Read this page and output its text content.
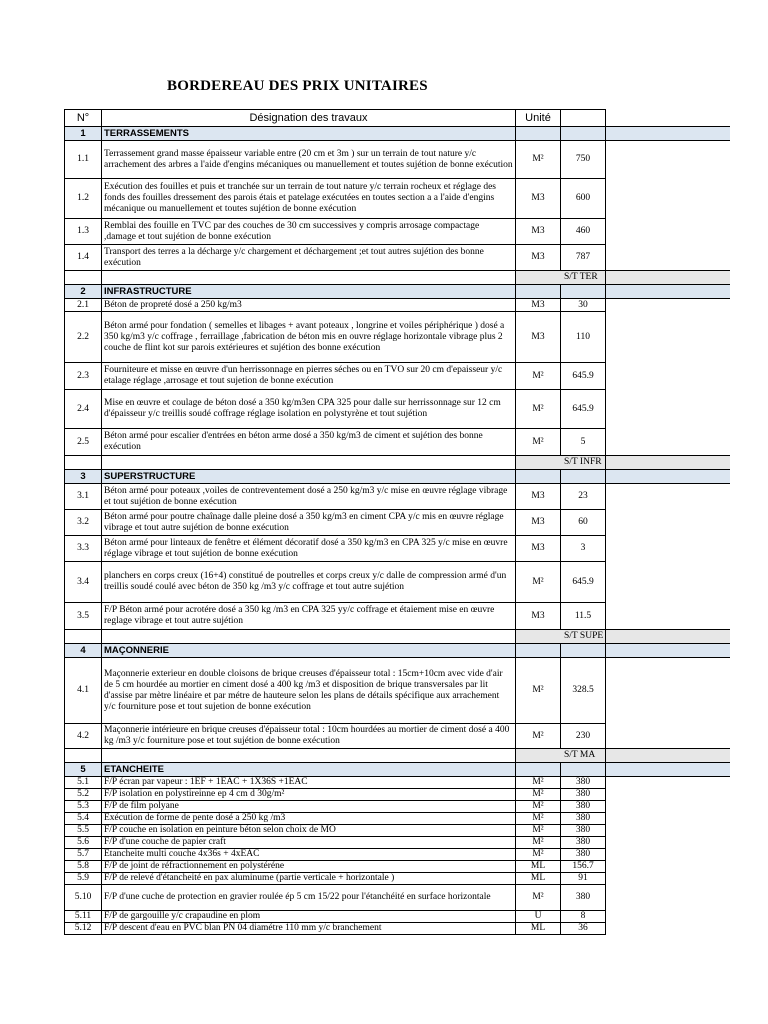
BORDEREAU DES PRIX UNITAIRES
N°	Désignation des travaux	Unité		
1	TERRASSEMENTS			
1.1	Terrassement grand masse épaisseur variable entre (20 cm et 3m ) sur un terrain de tout nature y/c arrachement des arbres a l'aide d'engins mécaniques ou manuellement et toutes sujétion de bonne exécution	M²	750	
1.2	Exécution des fouilles et puis et tranchée sur un terrain de tout nature y/c terrain rocheux et réglage des fonds des fouilles dressement des parois étais et patelage exécutées en toutes section a a l'aide d'engins mécanique ou manuellement et toutes sujétion de bonne exécution	M3	600	
1.3	Remblai des fouille en TVC par des couches de 30 cm successives y compris arrosage compactage ,damage et tout sujétion de bonne exécution	M3	460	
1.4	Transport des terres a la décharge y/c chargement et déchargement ;et tout autres sujétion des bonne exécution	M3	787	

		S/T TER		

2	INFRASTRUCTURE			
2.1	Béton de propreté dosé a 250 kg/m3	M3	30	
2.2	Béton armé pour fondation ( semelles et libages + avant poteaux , longrine et voiles périphérique ) dosé a 350 kg/m3 y/c coffrage , ferraillage ,fabrication de béton mis en ouvre réglage horizontale vibrage plus 2 couche de flint kot sur parois extérieures et sujétion des bonne exécution	M3	110	
2.3	Fourniteure et misse en œuvre d'un herrissonnage en pierres séches ou en TVO sur 20 cm d'epaisseur y/c etalage réglage ,arrosage et tout sujetion de bonne exécution	M²	645.9	
2.4	Mise en œuvre et coulage de béton dosé a 350 kg/m3en CPA 325 pour dalle sur herrissonnage sur 12 cm d'épaisseur y/c treillis soudé coffrage réglage isolation en polystyrène et tout sujétion	M²	645.9	
2.5	Béton armé pour escalier d'entrées en béton arme dosé a 350 kg/m3 de ciment et sujétion des bonne exécution	M²	5	

		S/T INFR		

3	SUPERSTRUCTURE			
3.1	Béton armé pour poteaux ,voiles de contreventement dosé a 250 kg/m3 y/c mise en œuvre réglage vibrage et tout sujétion de bonne exécution	M3	23	
3.2	Béton armé pour poutre chaînage dalle pleine dosé a 350 kg/m3 en ciment CPA y/c mis en œuvre réglage vibrage et tout autre sujétion de bonne exécution	M3	60	
3.3	Béton armé pour linteaux de fenêtre et élément décoratif dosé a 350 kg/m3 en CPA 325 y/c mise en œuvre réglage vibrage et tout sujétion de bonne exécution	M3	3	
3.4	planchers en corps creux (16+4) constitué de poutrelles et corps creux y/c dalle de compression armé d'un treillis soudé coulé avec béton de 350 kg /m3 y/c coffrage et tout autre sujétion	M²	645.9	
3.5	F/P Béton armé pour acrotére dosé a 350 kg /m3 en CPA 325 yy/c coffrage et étaiement mise en œuvre reglage vibrage et tout autre sujétion	M3	11.5	

		S/T SUPE		

4	MAÇONNERIE			
4.1	Maçonnerie exterieur en double cloisons de brique creuses d'épaisseur total : 15cm+10cm avec vide d'air de 5 cm hourdée au mortier en ciment dosé a 400 kg /m3 et disposition de brique transversales par lit d'assise par mètre linéaire et par métre de hauteure selon les plans de détails spécifique aux arrachement y/c fourniture pose et tout sujetion de bonne exécution	M²	328.5	
4.2	Maçonnerie intérieure en brique creuses d'épaisseur total : 10cm hourdées au mortier de ciment dosé a 400 kg /m3 y/c fourniture pose et tout sujétion de bonne exécution	M²	230	

		S/T MA		

5	ETANCHEITE			
5.1	F/P écran par vapeur : 1EF + 1EAC + 1X36S +1EAC	M²	380	
5.2	F/P isolation en polystireinne ep 4 cm d 30g/m²	M²	380	
5.3	F/P de film polyane	M²	380	
5.4	Exécution de forme de pente dosé a 250 kg /m3	M²	380	
5.5	F/P couche en isolation en peinture béton selon choix de MO	M²	380	
5.6	F/P d'une couche de papier craft	M²	380	
5.7	Etancheite multi couche 4x36s + 4xEAC	M²	380	
5.8	F/P de joint de réfractionnement en polystéréne	ML	156.7	
5.9	F/P de relevé d'étancheité en pax aluminume (partie verticale + horizontale )	ML	91	
5.10	F/P d'une cuche de protection en gravier roulée ép 5 cm 15/22 pour l'étanchéité en surface horizontale	M²	380	
5.11	F/P de gargouille y/c crapaudine en plom	U	8	
5.12	F/P descent d'eau en PVC blan PN 04 diamétre 110 mm y/c branchement	ML	36	
